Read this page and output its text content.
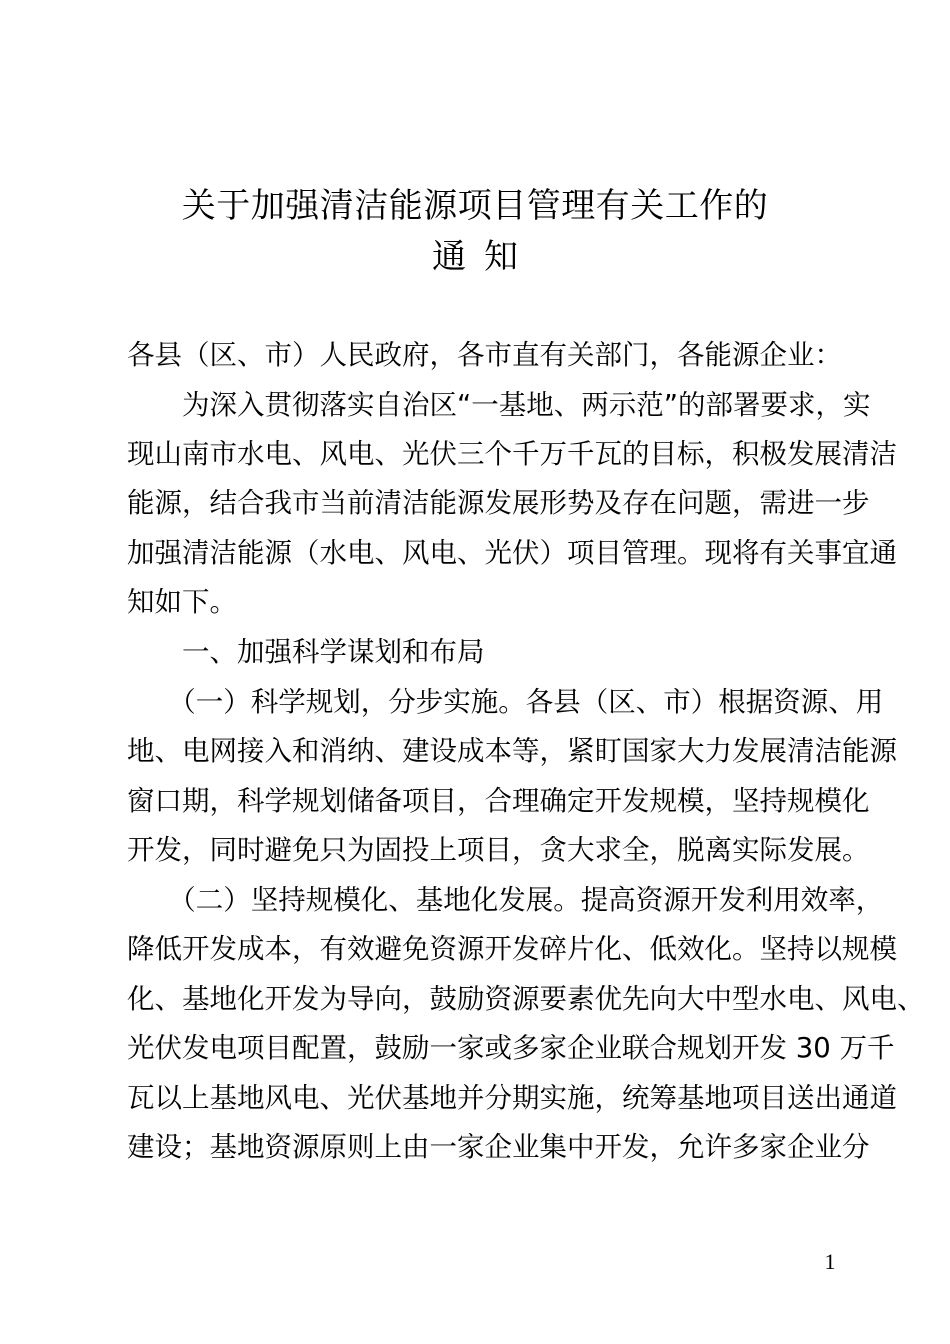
关于加强清洁能源项目管理有关工作的
通知
各县（区、市）人民政府，各市直有关部门，各能源企业：
　　为深入贯彻落实自治区“一基地、两示范”的部署要求，实
现山南市水电、风电、光伏三个千万千瓦的目标，积极发展清洁
能源，结合我市当前清洁能源发展形势及存在问题，需进一步
加强清洁能源（水电、风电、光伏）项目管理。现将有关事宜通
知如下。
　　一、加强科学谋划和布局
　　（一）科学规划，分步实施。各县（区、市）根据资源、用
地、电网接入和消纳、建设成本等，紧盯国家大力发展清洁能源
窗口期，科学规划储备项目，合理确定开发规模，坚持规模化
开发，同时避免只为固投上项目，贪大求全，脱离实际发展。
　　（二）坚持规模化、基地化发展。提高资源开发利用效率，
降低开发成本，有效避免资源开发碎片化、低效化。坚持以规模
化、基地化开发为导向，鼓励资源要素优先向大中型水电、风电、
光伏发电项目配置，鼓励一家或多家企业联合规划开发 30 万千
瓦以上基地风电、光伏基地并分期实施，统筹基地项目送出通道
建设；基地资源原则上由一家企业集中开发，允许多家企业分
1
